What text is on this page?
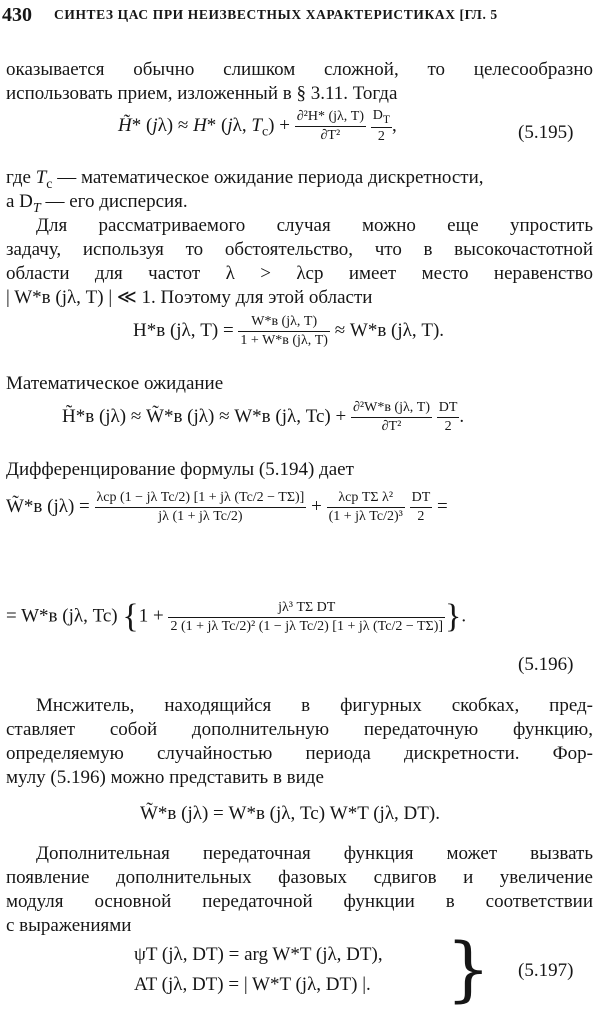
430 СИНТЕЗ ЦАС ПРИ НЕИЗВЕСТНЫХ ХАРАКТЕРИСТИКАХ [ГЛ. 5
оказывается обычно слишком сложной, то целесообразно
использовать прием, изложенный в § 3.11. Тогда
H̃* (jλ) ≈ H* (jλ, $T_c) + \frac{\text{∂²H* (jλ, T)}}{\text{∂T²}}$
$\frac{D_T}{2}$ ,	(5.195)
где $T_c$ — математическое ожидание периода дискретности,
а $D_T$ — его дисперсия.
Для рассматриваемого случая можно еще упростить
задачу, используя то обстоятельство, что в высокочастотной
области для частот λ > λср имеет место неравенство
| W*в (jλ, T) | ≪ 1. Поэтому для этой области
H*в (jλ, $T) = \frac{W*в (j\lambda, T)}{1 + W*в (j\lambda, T)} \approx W*в$ (jλ, T).
Математическое ожидание
H̃*в (jλ) ≈ W̃*в (jλ) ≈ W*в (jλ, $Tc) + \frac{\text{∂²W*в (jλ, T)}}{\text{∂T²}}$
$\frac{DT}{2}$ .
Дифференцирование формулы (5.194) дает
W̃*в $(j\lambda) = \frac{\text{λср (1 − jλ Tc/2) [1 + jλ (Tc/2 − TΣ)]}}{\text{jλ (1 + jλ Tc/2)}} + \frac{\text{λср TΣ λ²}}{\text{(1 + jλ Tc/2)³}}$
$\frac{DT}{2}$ =
= W*в (jλ, Tc) {$1 + \frac{\text{jλ³ TΣ DT}}{\text{2 (1 + jλ Tc/2)² (1 − jλ Tc/2) [1 + jλ (Tc/2 − TΣ)]}}$ }.
(5.196)
Мнсжитель, находящийся в фигурных скобках, пред-
ставляет собой дополнительную передаточную функцию,
определяемую случайностью периода дискретности. Фор-
мулу (5.196) можно представить в виде
W̃*в (jλ) = W*в (jλ, Tc) W*T (jλ, DT).
Дополнительная передаточная функция может вызвать
появление дополнительных фазовых сдвигов и увеличение
модуля основной передаточной функции в соответствии
с выражениями
ψT (jλ, DT) = arg W*T (jλ, DT),
AT (jλ, DT) = | W*T (jλ, DT) |. } (5.197)
